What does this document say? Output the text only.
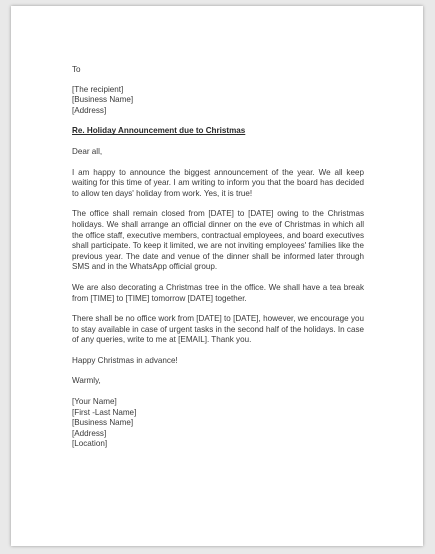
To
[The recipient]
[Business Name]
[Address]
Re. Holiday Announcement due to Christmas
Dear all,

I am happy to announce the biggest announcement of the year. We all keep waiting for this time of year. I am writing to inform you that the board has decided to allow ten days' holiday from work. Yes, it is true!

The office shall remain closed from [DATE] to [DATE] owing to the Christmas holidays. We shall arrange an official dinner on the eve of Christmas in which all the office staff, executive members, contractual employees, and board executives shall participate. To keep it limited, we are not inviting employees' families like the previous year. The date and venue of the dinner shall be informed later through SMS and in the WhatsApp official group.

We are also decorating a Christmas tree in the office. We shall have a tea break from [TIME] to [TIME] tomorrow [DATE] together.

There shall be no office work from [DATE] to [DATE], however, we encourage you to stay available in case of urgent tasks in the second half of the holidays. In case of any queries, write to me at [EMAIL]. Thank you.

Happy Christmas in advance!
Warmly,
[Your Name]
[First -Last Name]
[Business Name]
[Address]
[Location]
